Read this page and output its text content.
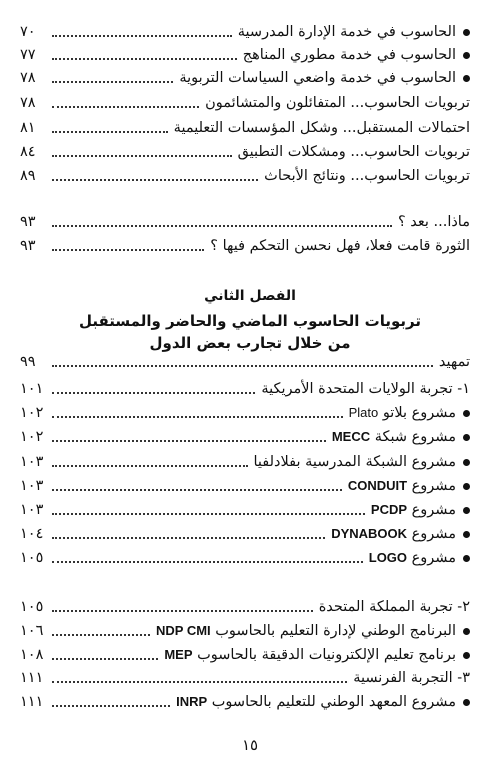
الحاسوب في خدمة الإدارة المدرسية
٧٠
الحاسوب في خدمة مطوري المناهج
٧٧
الحاسوب في خدمة واضعي السياسات التربوية
٧٨
تربويات الحاسوب... المتفائلون والمتشائمون
٧٨
احتمالات المستقبل... وشكل المؤسسات التعليمية
٨١
تربويات الحاسوب... ومشكلات التطبيق
٨٤
تربويات الحاسوب... ونتائج الأبحاث
٨٩
ماذا... بعد ؟
٩٣
الثورة قامت فعلا، فهل نحسن التحكم فيها ؟
٩٣
الفصل الثاني
تربويات الحاسوب الماضي والحاضر والمستقبل
من خلال تجارب بعض الدول
تمهيد
٩٩
١- تجربة الولايات المتحدة الأمريكية
١٠١
مشروع بلاتو Plato
١٠٢
مشروع شبكة MECC
١٠٢
مشروع الشبكة المدرسية بفلادلفيا
١٠٣
مشروع CONDUIT
١٠٣
مشروع PCDP
١٠٣
مشروع DYNABOOK
١٠٤
مشروع LOGO
١٠٥
٢- تجربة المملكة المتحدة
١٠٥
البرنامج الوطني لإدارة التعليم بالحاسوب NDP CMI
١٠٦
برنامج تعليم الإلكترونيات الدقيقة بالحاسوب MEP
١٠٨
٣- التجربة الفرنسية
١١١
مشروع المعهد الوطني للتعليم بالحاسوب INRP
١١١
١٥
